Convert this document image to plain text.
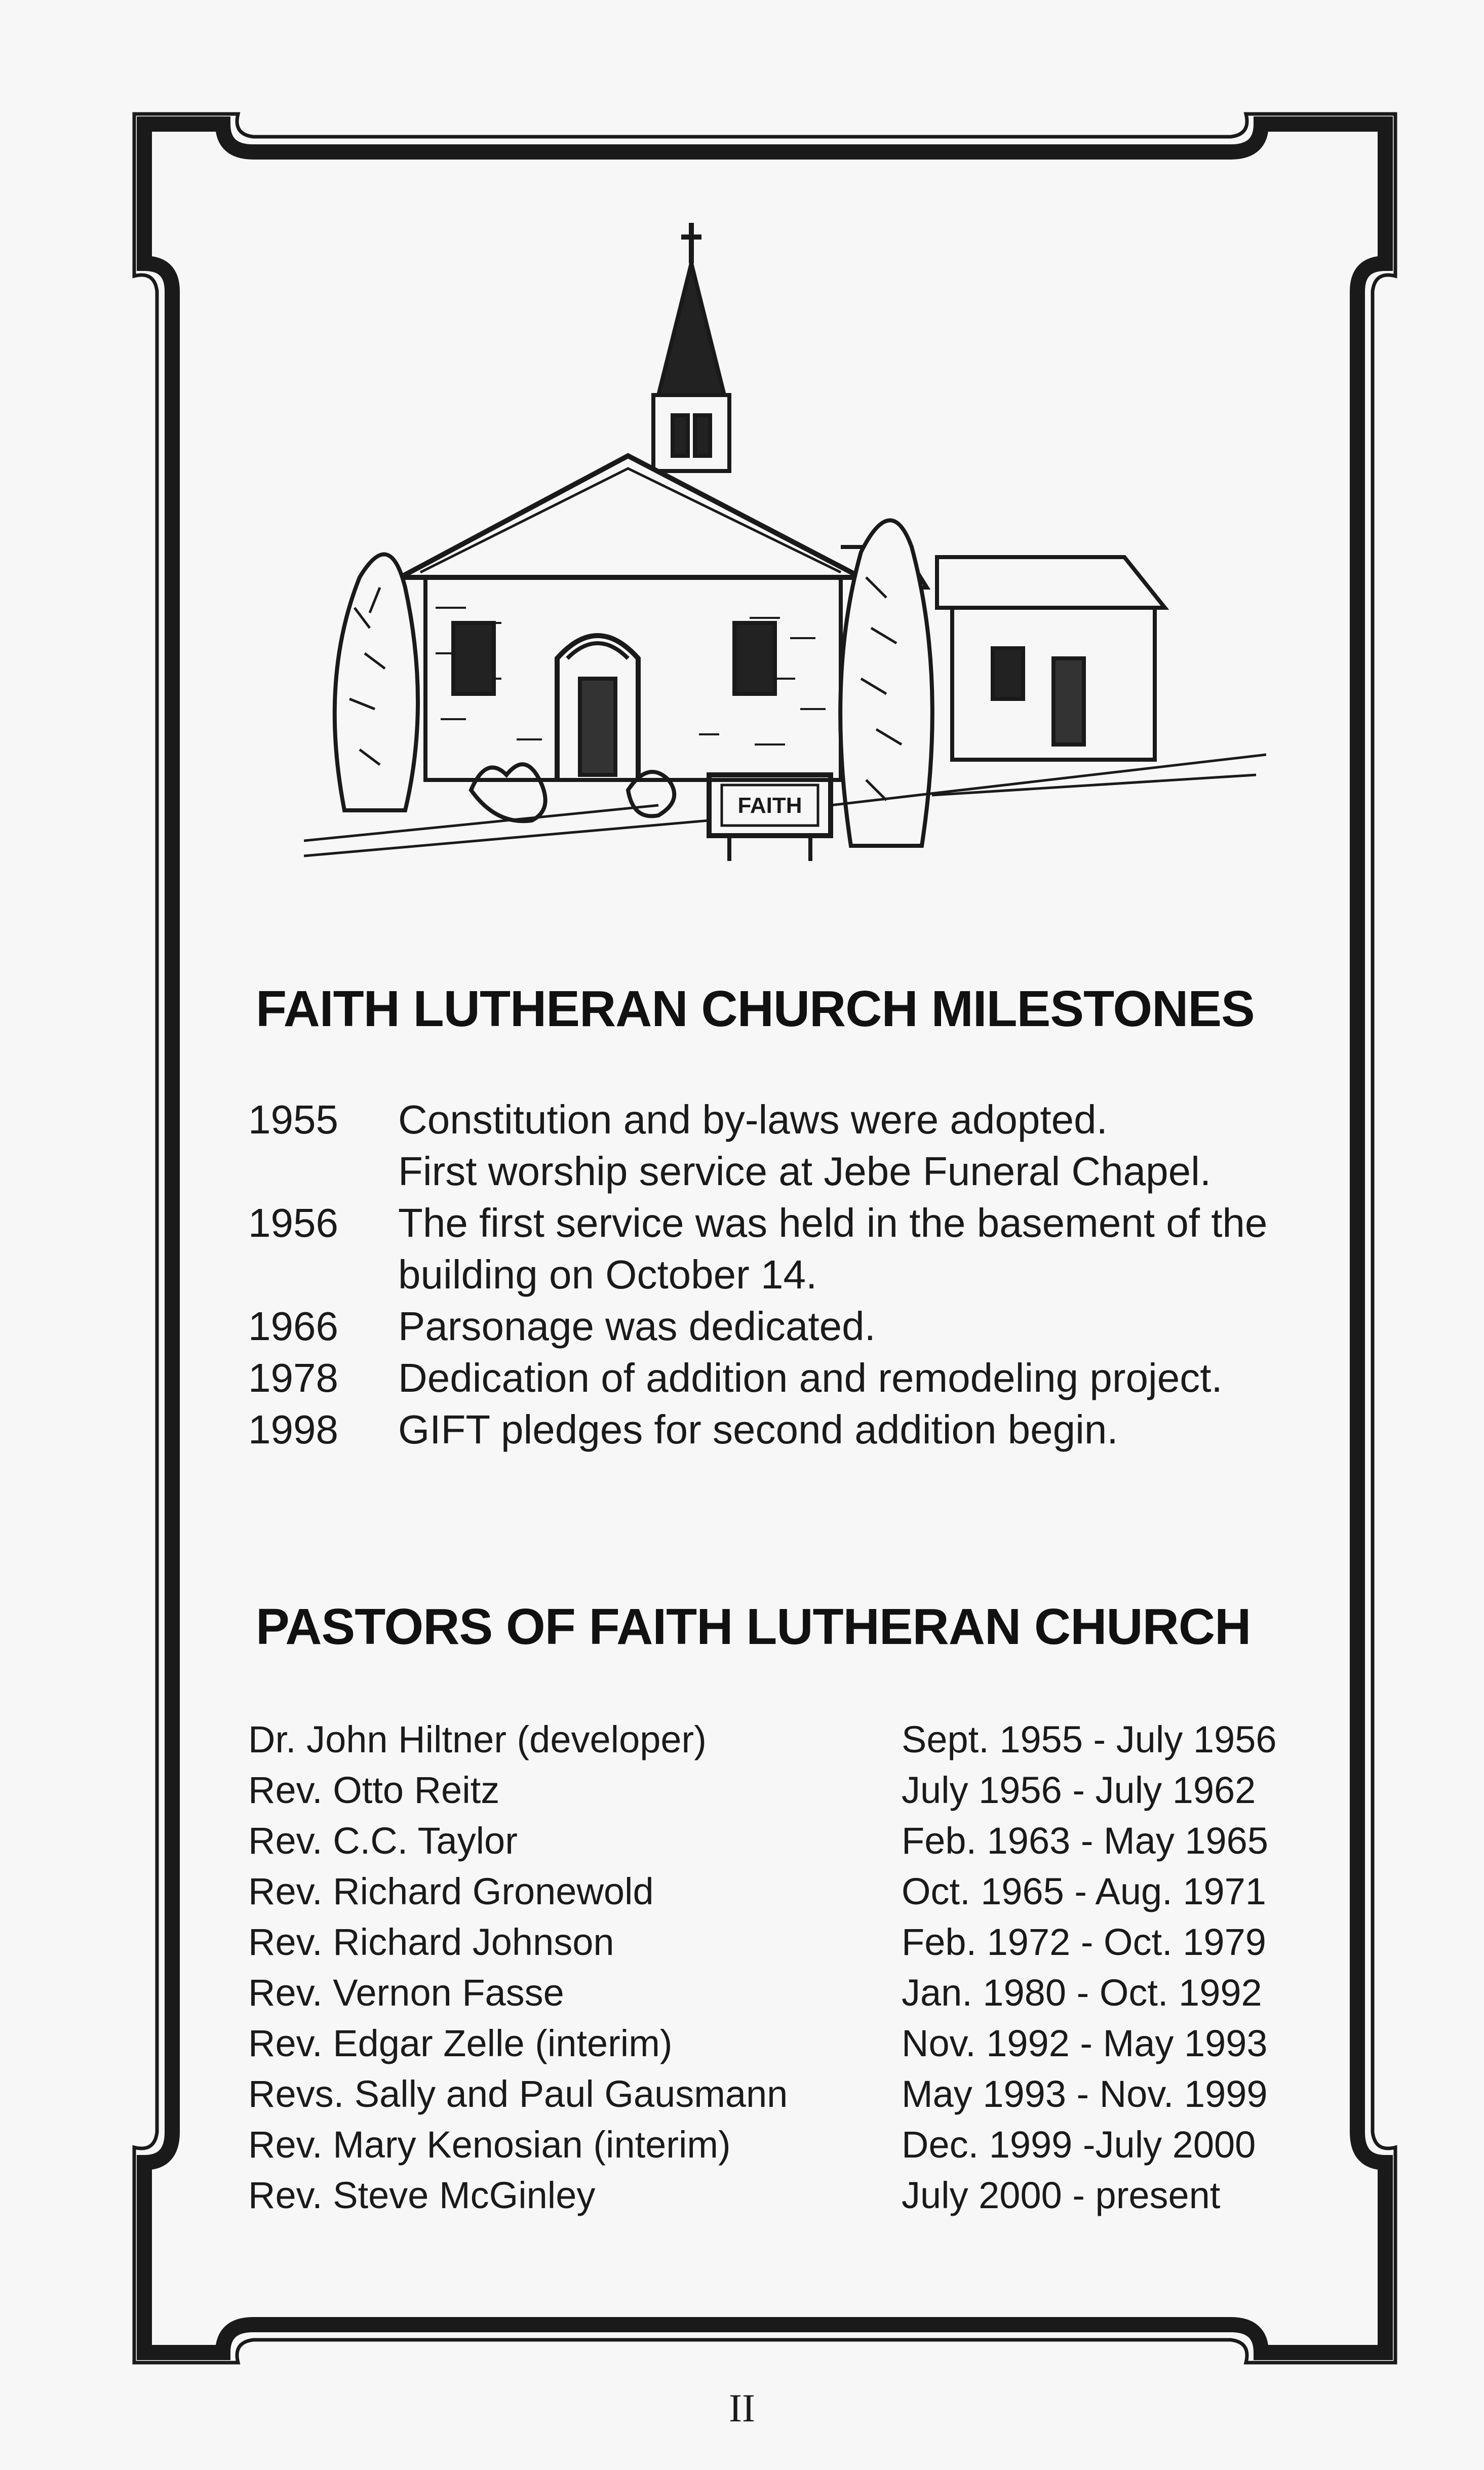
FAITH
FAITH LUTHERAN CHURCH MILESTONES
1955	Constitution and by-laws were adopted.
First worship service at Jebe Funeral Chapel.
1956	The first service was held in the basement of the
building on October 14.
1966	Parsonage was dedicated.
1978	Dedication of addition and remodeling project.
1998	GIFT pledges for second addition begin.
PASTORS OF FAITH LUTHERAN CHURCH
Dr. John Hiltner (developer)	Sept. 1955 - July 1956
Rev. Otto Reitz	July 1956 - July 1962
Rev. C.C. Taylor	Feb. 1963 - May 1965
Rev. Richard Gronewold	Oct. 1965 - Aug. 1971
Rev. Richard Johnson	Feb. 1972 - Oct. 1979
Rev. Vernon Fasse	Jan. 1980 - Oct. 1992
Rev. Edgar Zelle (interim)	Nov. 1992 - May 1993
Revs. Sally and Paul Gausmann	May 1993 - Nov. 1999
Rev. Mary Kenosian (interim)	Dec. 1999 -July 2000
Rev. Steve McGinley	July 2000 - present
II
